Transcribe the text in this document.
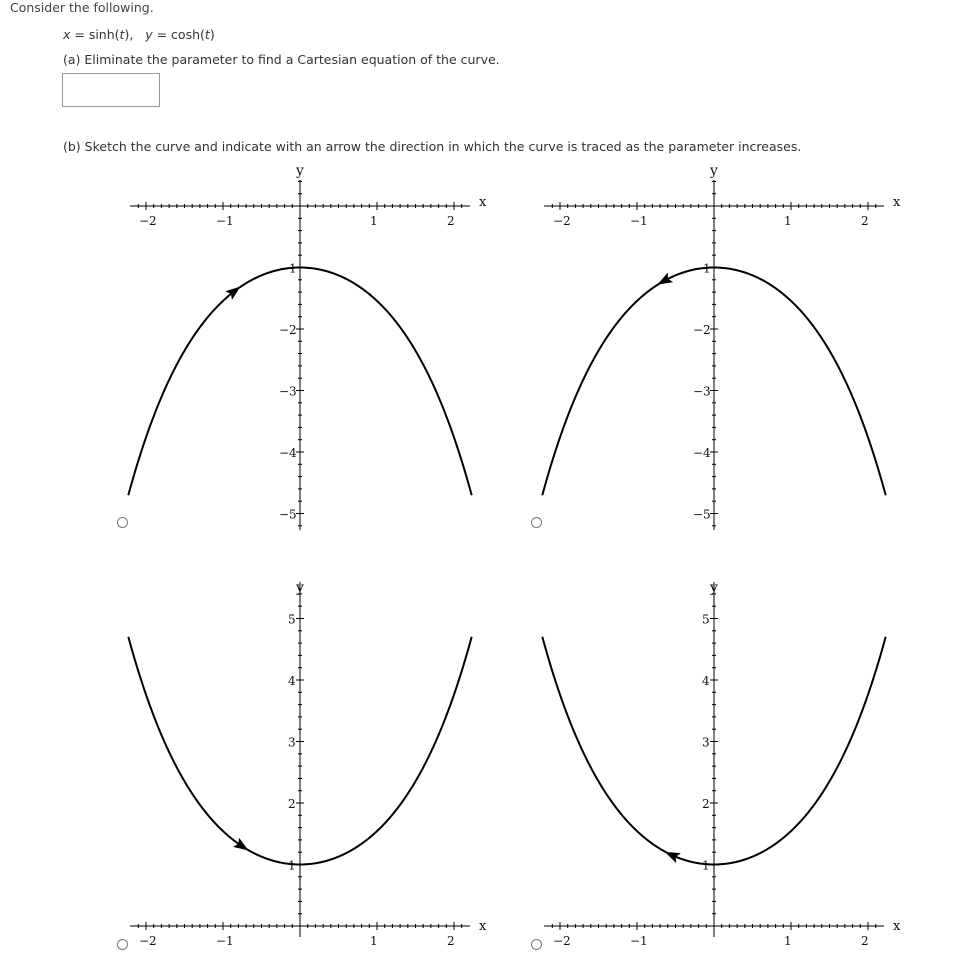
Consider the following.
x = sinh(t), y = cosh(t)
(a) Eliminate the parameter to find a Cartesian equation of the curve.
(b) Sketch the curve and indicate with an arrow the direction in which the curve is traced as the parameter increases.
x
y
−2	−1	1	2
−1
−2
−3
−4
−5
x
y
−2	−1	1	2
−1
−2
−3
−4
−5
x
y
−2	−1	1	2
1
2
3
4
5
x
y
−2	−1	1	2
1
2
3
4
5
